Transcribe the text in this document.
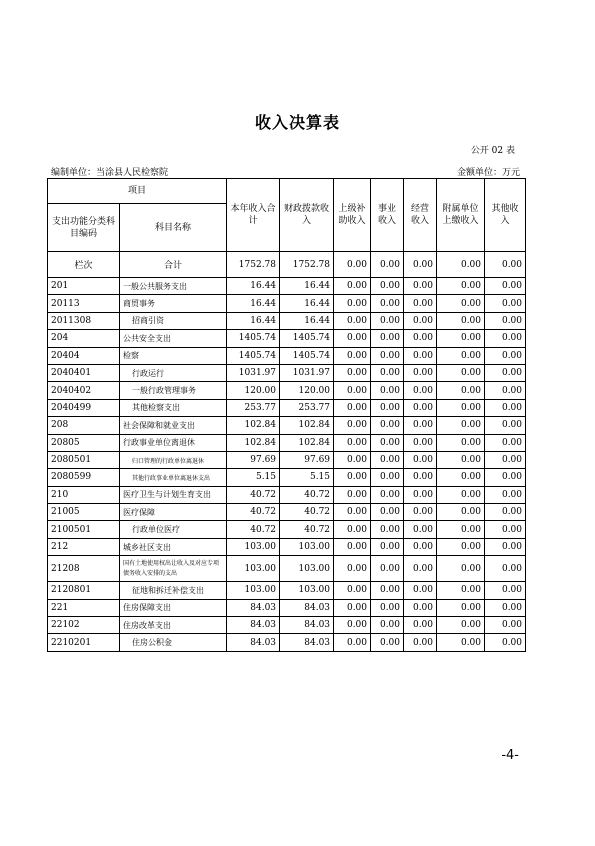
收入决算表
公开 02 表
编制单位：当涂县人民检察院	金额单位：万元
项目		本年收入合计	财政拨款收入	上级补助收入	事业收入	经营收入	附属单位上缴收入	其他收入
支出功能分类科目编码	科目名称							
栏次	合计	1752.78	1752.78	0.00	0.00	0.00	0.00	0.00
201	一般公共服务支出	16.44	16.44	0.00	0.00	0.00	0.00	0.00
20113	商贸事务	16.44	16.44	0.00	0.00	0.00	0.00	0.00
2011308	招商引资	16.44	16.44	0.00	0.00	0.00	0.00	0.00
204	公共安全支出	1405.74	1405.74	0.00	0.00	0.00	0.00	0.00
20404	检察	1405.74	1405.74	0.00	0.00	0.00	0.00	0.00
2040401	行政运行	1031.97	1031.97	0.00	0.00	0.00	0.00	0.00
2040402	一般行政管理事务	120.00	120.00	0.00	0.00	0.00	0.00	0.00
2040499	其他检察支出	253.77	253.77	0.00	0.00	0.00	0.00	0.00
208	社会保障和就业支出	102.84	102.84	0.00	0.00	0.00	0.00	0.00
20805	行政事业单位离退休	102.84	102.84	0.00	0.00	0.00	0.00	0.00
2080501	归口管理的行政单位离退休	97.69	97.69	0.00	0.00	0.00	0.00	0.00
2080599	其他行政事业单位离退休支出	5.15	5.15	0.00	0.00	0.00	0.00	0.00
210	医疗卫生与计划生育支出	40.72	40.72	0.00	0.00	0.00	0.00	0.00
21005	医疗保障	40.72	40.72	0.00	0.00	0.00	0.00	0.00
2100501	行政单位医疗	40.72	40.72	0.00	0.00	0.00	0.00	0.00
212	城乡社区支出	103.00	103.00	0.00	0.00	0.00	0.00	0.00
21208	国有土地使用权出让收入及对应专项债务收入安排的支出	103.00	103.00	0.00	0.00	0.00	0.00	0.00
2120801	征地和拆迁补偿支出	103.00	103.00	0.00	0.00	0.00	0.00	0.00
221	住房保障支出	84.03	84.03	0.00	0.00	0.00	0.00	0.00
22102	住房改革支出	84.03	84.03	0.00	0.00	0.00	0.00	0.00
2210201	住房公积金	84.03	84.03	0.00	0.00	0.00	0.00	0.00
-4-
